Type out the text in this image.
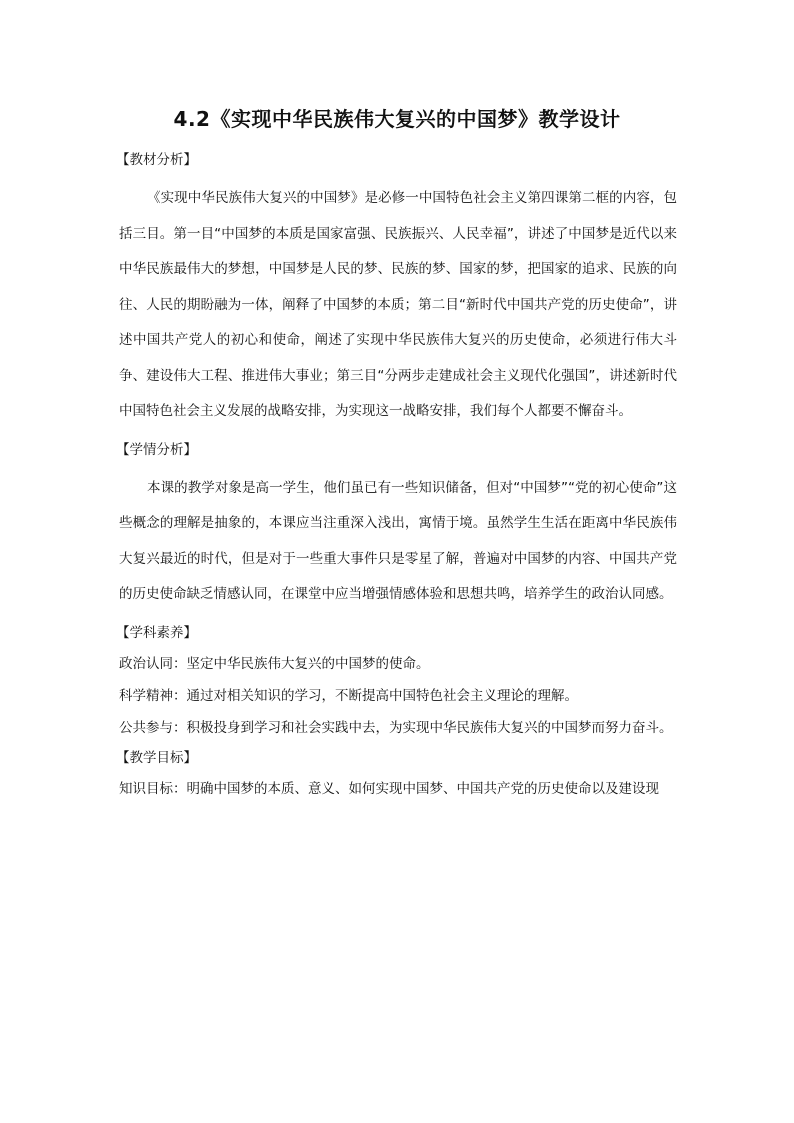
4.2《实现中华民族伟大复兴的中国梦》教学设计
【教材分析】

《实现中华民族伟大复兴的中国梦》是必修一中国特色社会主义第四课第二框的内容，包括三目。第一目“中国梦的本质是国家富强、民族振兴、人民幸福”，讲述了中国梦是近代以来中华民族最伟大的梦想，中国梦是人民的梦、民族的梦、国家的梦，把国家的追求、民族的向往、人民的期盼融为一体，阐释了中国梦的本质；第二目“新时代中国共产党的历史使命”，讲述中国共产党人的初心和使命，阐述了实现中华民族伟大复兴的历史使命，必须进行伟大斗争、建设伟大工程、推进伟大事业；第三目“分两步走建成社会主义现代化强国”，讲述新时代中国特色社会主义发展的战略安排，为实现这一战略安排，我们每个人都要不懈奋斗。

【学情分析】

本课的教学对象是高一学生，他们虽已有一些知识储备，但对“中国梦”“党的初心使命”这些概念的理解是抽象的，本课应当注重深入浅出，寓情于境。虽然学生生活在距离中华民族伟大复兴最近的时代，但是对于一些重大事件只是零星了解，普遍对中国梦的内容、中国共产党的历史使命缺乏情感认同，在课堂中应当增强情感体验和思想共鸣，培养学生的政治认同感。

【学科素养】
政治认同：坚定中华民族伟大复兴的中国梦的使命。
科学精神：通过对相关知识的学习，不断提高中国特色社会主义理论的理解。
公共参与：积极投身到学习和社会实践中去，为实现中华民族伟大复兴的中国梦而努力奋斗。
【教学目标】
知识目标：明确中国梦的本质、意义、如何实现中国梦、中国共产党的历史使命以及建设现
